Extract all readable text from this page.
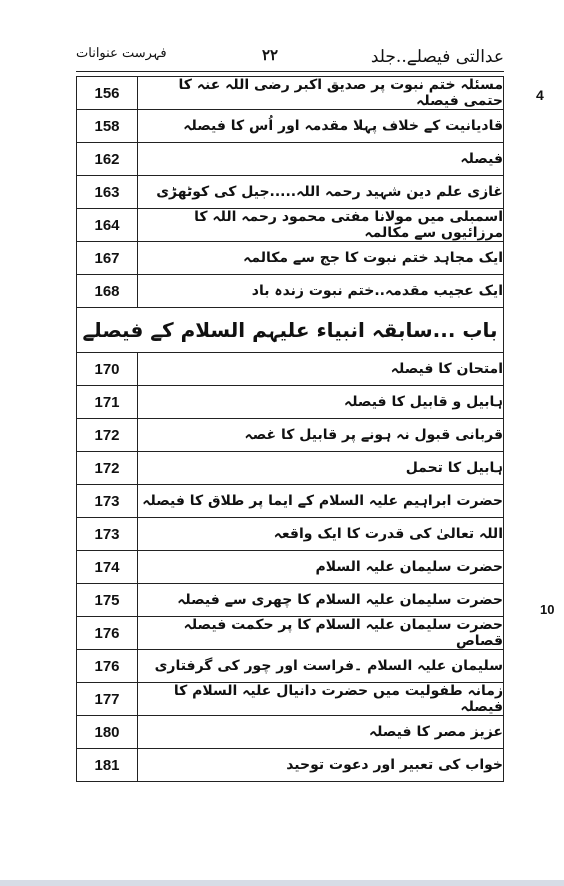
فہرست عنوانات	۲۲	عدالتی فیصلے..جلد
4
10
156	مسئلہ ختم نبوت پر صدیق اکبر رضی اللہ عنہ کا حتمی فیصلہ
158	قادیانیت کے خلاف پہلا مقدمہ اور اُس کا فیصلہ
162	فیصلہ
163	غازی علم دین شہید رحمہ اللہ.....جیل کی کوٹھڑی
164	اسمبلی میں مولانا مفتی محمود رحمہ اللہ کا مرزائیوں سے مکالمہ
167	ایک مجاہد ختم نبوت کا جج سے مکالمہ
168	ایک عجیب مقدمہ..ختم نبوت زندہ باد
باب ...سابقہ انبیاء علیہم السلام کے فیصلے	
170	امتحان کا فیصلہ
171	ہابیل و قابیل کا فیصلہ
172	قربانی قبول نہ ہونے پر قابیل کا غصہ
172	ہابیل کا تحمل
173	حضرت ابراہیم علیہ السلام کے ایما پر طلاق کا فیصلہ
173	اللہ تعالیٰ کی قدرت کا ایک واقعہ
174	حضرت سلیمان علیہ السلام
175	حضرت سلیمان علیہ السلام کا چھری سے فیصلہ
176	حضرت سلیمان علیہ السلام کا پر حکمت فیصلہ قصاص
176	سلیمان علیہ السلام ۔فراست اور چور کی گرفتاری
177	زمانہ طفولیت میں حضرت دانیال علیہ السلام کا فیصلہ
180	عزیز مصر کا فیصلہ
181	خواب کی تعبیر اور دعوت توحید
